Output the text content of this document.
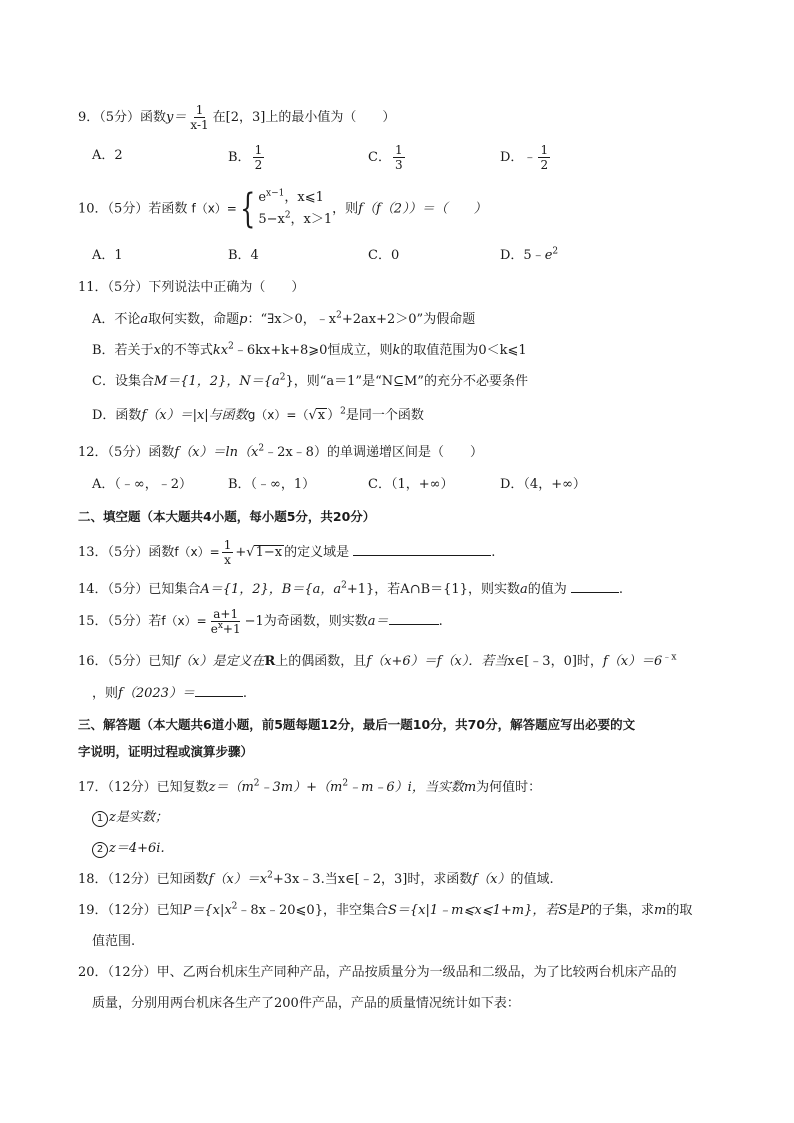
9．（5分）函数$y= \frac{1}{x-1}$ 在[2，3]上的最小值为（　　）
A．2	B． $\frac{1}{2}$	C． $\frac{1}{3}$	D．﹣ $\frac{1}{2}$
10．（5分）若函数 f（x）={ $e^{x-1}$，x⩽1
$5-x^2$，x＞1
，则f（f（2））＝（　　）
A．1	B．4	C．0	D．$5﹣e^2$
11．（5分）下列说法中正确为（　　）
A．不论a取何实数，命题p：“∃x＞0，$﹣x^2+2ax+2>0$”为假命题
B．若关于x的不等式$kx^2﹣6kx+k+8⩾0$恒成立，则k的取值范围为0＜k⩽1
C．设集合M＝{1，2}，$N=\{a^2\}$，则“a＝1”是“N⊆M”的充分不必要条件
D．函数f（x）＝|x|与函数g（x）=（√x ）$^2$是同一个函数
12．（5分）函数$f(x)=\ln(x^2﹣2x﹣8)$的单调递增区间是（　　）
A．（﹣∞，﹣2）	B．（﹣∞，1）	C．（1，+∞）	D．（4，+∞）
二、填空题（本大题共4小题，每小题5分，共20分）
13．（5分）函数$f(x)= \frac{1}{x} +√1-x$ 的定义域是	.
14．（5分）已知集合A＝{1，2}，B＝{a，$a^2+1$}，若A∩B＝{1}，则实数a的值为	.
15．（5分）若$f(x)= \frac{a+1}{e^x+1} -1$为奇函数，则实数a＝	.
16．（5分）已知f（x）是定义在R上的偶函数，且f（x+6）＝f（x）．若当x∈[﹣3，0]时，$f(x)=6^{﹣x}$
，则f（2023）＝	.
三、解答题（本大题共6道小题，前5题每题12分，最后一题10分，共70分，解答题应写出必要的文
字说明，证明过程或演算步骤）
17．（12分）已知复数$z=(m^2﹣3m)+(m^2﹣m﹣6)i$，当实数m为何值时：
1 z是实数；
2 z＝4+6i.
18．（12分）已知函数$f(x)=x^2+3x﹣3$.当x∈[﹣2，3]时，求函数f（x）的值域.
19．（12分）已知$P=\{x|x^2﹣8x﹣20⩽0\}$，非空集合S＝{x|1﹣m⩽x⩽1+m}，若S是P的子集，求m的取
值范围.
20．（12分）甲、乙两台机床生产同种产品，产品按质量分为一级品和二级品，为了比较两台机床产品的
质量，分别用两台机床各生产了200件产品，产品的质量情况统计如下表：
